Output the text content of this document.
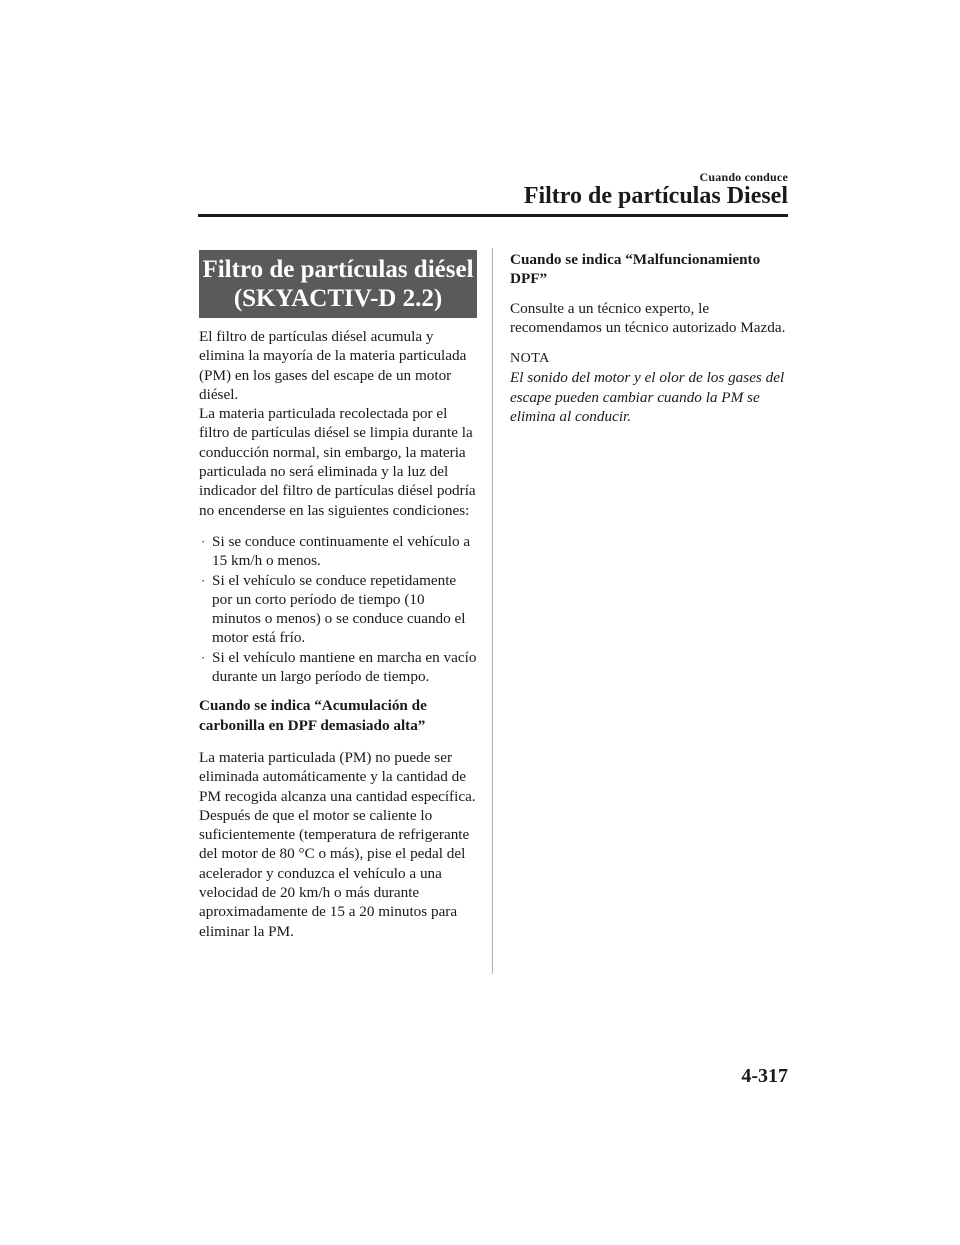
Cuando conduce
Filtro de partículas Diesel
Filtro de partículas diésel
(SKYACTIV-D 2.2)

El filtro de partículas diésel acumula y elimina la mayoría de la materia particulada (PM) en los gases del escape de un motor diésel.

La materia particulada recolectada por el filtro de partículas diésel se limpia durante la conducción normal, sin embargo, la materia particulada no será eliminada y la luz del indicador del filtro de partículas diésel podría no encenderse en las siguientes condiciones:

· Si se conduce continuamente el vehículo a 15 km/h o menos.
· Si el vehículo se conduce repetidamente por un corto período de tiempo (10 minutos o menos) o se conduce cuando el motor está frío.
· Si el vehículo mantiene en marcha en vacío durante un largo período de tiempo.

Cuando se indica “Acumulación de carbonilla en DPF demasiado alta”

La materia particulada (PM) no puede ser eliminada automáticamente y la cantidad de PM recogida alcanza una cantidad específica.

Después de que el motor se caliente lo suficientemente (temperatura de refrigerante del motor de 80 °C o más), pise el pedal del acelerador y conduzca el vehículo a una velocidad de 20 km/h o más durante aproximadamente de 15 a 20 minutos para eliminar la PM.

Cuando se indica “Malfuncionamiento DPF”

Consulte a un técnico experto, le recomendamos un técnico autorizado Mazda.

NOTA

El sonido del motor y el olor de los gases del escape pueden cambiar cuando la PM se elimina al conducir.

4-317
